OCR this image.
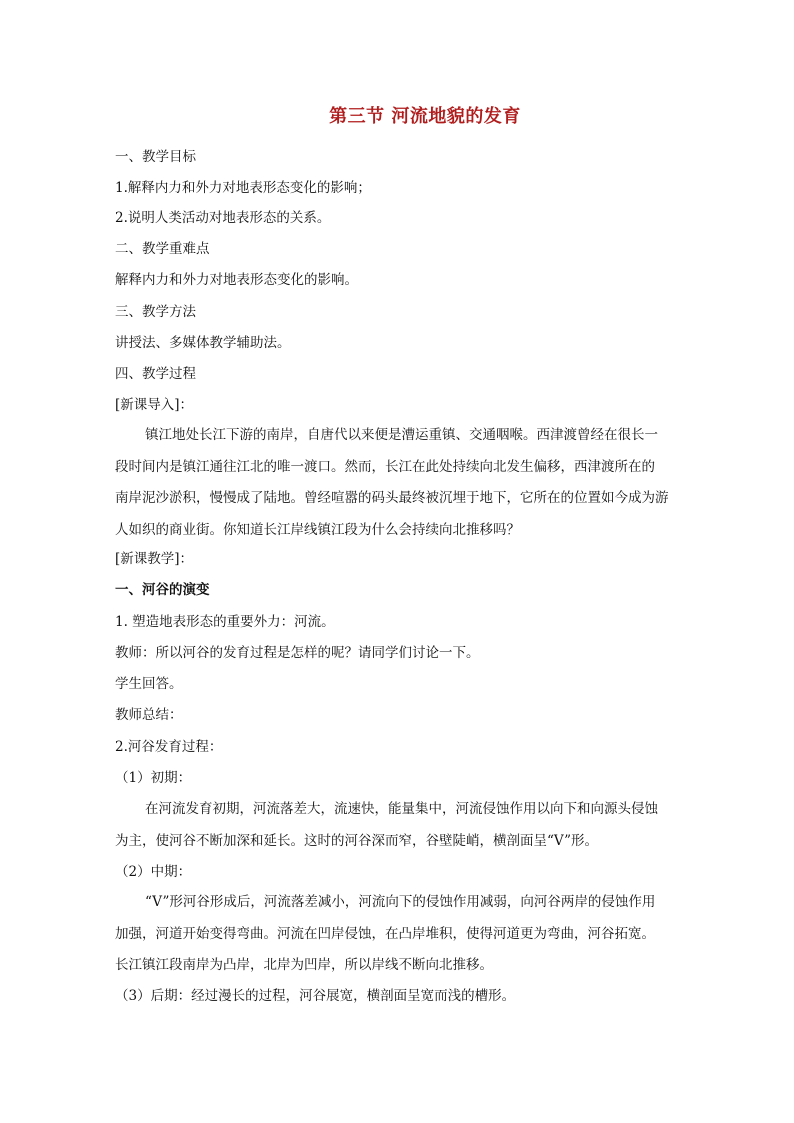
第三节 河流地貌的发育
一、教学目标
1.解释内力和外力对地表形态变化的影响；
2.说明人类活动对地表形态的关系。
二、教学重难点
解释内力和外力对地表形态变化的影响。
三、教学方法
讲授法、多媒体教学辅助法。
四、教学过程
[新课导入]：
镇江地处长江下游的南岸，自唐代以来便是漕运重镇、交通咽喉。西津渡曾经在很长一
段时间内是镇江通往江北的唯一渡口。然而，长江在此处持续向北发生偏移，西津渡所在的
南岸泥沙淤积，慢慢成了陆地。曾经喧嚣的码头最终被沉埋于地下，它所在的位置如今成为游
人如织的商业街。你知道长江岸线镇江段为什么会持续向北推移吗？
[新课教学]：
一、河谷的演变
1. 塑造地表形态的重要外力：河流。
教师：所以河谷的发育过程是怎样的呢？请同学们讨论一下。
学生回答。
教师总结：
2.河谷发育过程：
（1）初期：
在河流发育初期，河流落差大，流速快，能量集中，河流侵蚀作用以向下和向源头侵蚀
为主，使河谷不断加深和延长。这时的河谷深而窄，谷壁陡峭，横剖面呈“V”形。
（2）中期：
“V”形河谷形成后，河流落差减小，河流向下的侵蚀作用减弱，向河谷两岸的侵蚀作用
加强，河道开始变得弯曲。河流在凹岸侵蚀，在凸岸堆积，使得河道更为弯曲，河谷拓宽。
长江镇江段南岸为凸岸，北岸为凹岸，所以岸线不断向北推移。
（3）后期：经过漫长的过程，河谷展宽，横剖面呈宽而浅的槽形。
